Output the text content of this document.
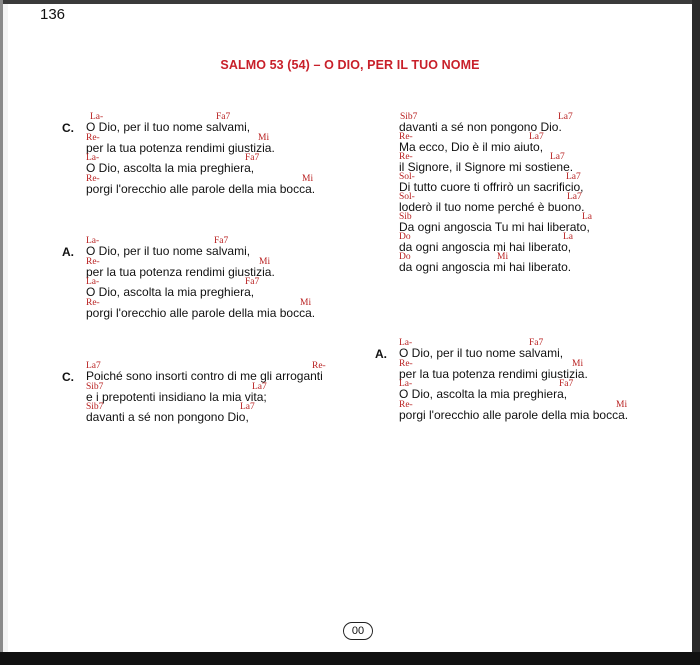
136
SALMO 53 (54) – O DIO, PER IL TUO NOME
C.
La-	Fa7
O Dio, per il tuo nome salvami,
Re-	Mi
per la tua potenza rendimi giustizia.
La-	Fa7
O Dio, ascolta la mia preghiera,
Re-	Mi
porgi l'orecchio alle parole della mia bocca.
A.
La-	Fa7
O Dio, per il tuo nome salvami,
Re-	Mi
per la tua potenza rendimi giustizia.
La-	Fa7
O Dio, ascolta la mia preghiera,
Re-	Mi
porgi l'orecchio alle parole della mia bocca.
C.
La7	Re-
Poiché sono insorti contro di me gli arroganti
Sib7	La7
e i prepotenti insidiano la mia vita;
Sib7	La7
davanti a sé non pongono Dio,
Sib7	La7
davanti a sé non pongono Dio.
Re-	La7
Ma ecco, Dio è il mio aiuto,
Re-	La7
il Signore, il Signore mi sostiene.
Sol-	La7
Di tutto cuore ti offrirò un sacrificio,
Sol-	La7
loderò il tuo nome perché è buono.
Sib	La
Da ogni angoscia Tu mi hai liberato,
Do	La
da ogni angoscia mi hai liberato,
Do	Mi
da ogni angoscia mi hai liberato.
A.
La-	Fa7
O Dio, per il tuo nome salvami,
Re-	Mi
per la tua potenza rendimi giustizia.
La-	Fa7
O Dio, ascolta la mia preghiera,
Re-	Mi
porgi l'orecchio alle parole della mia bocca.
00
